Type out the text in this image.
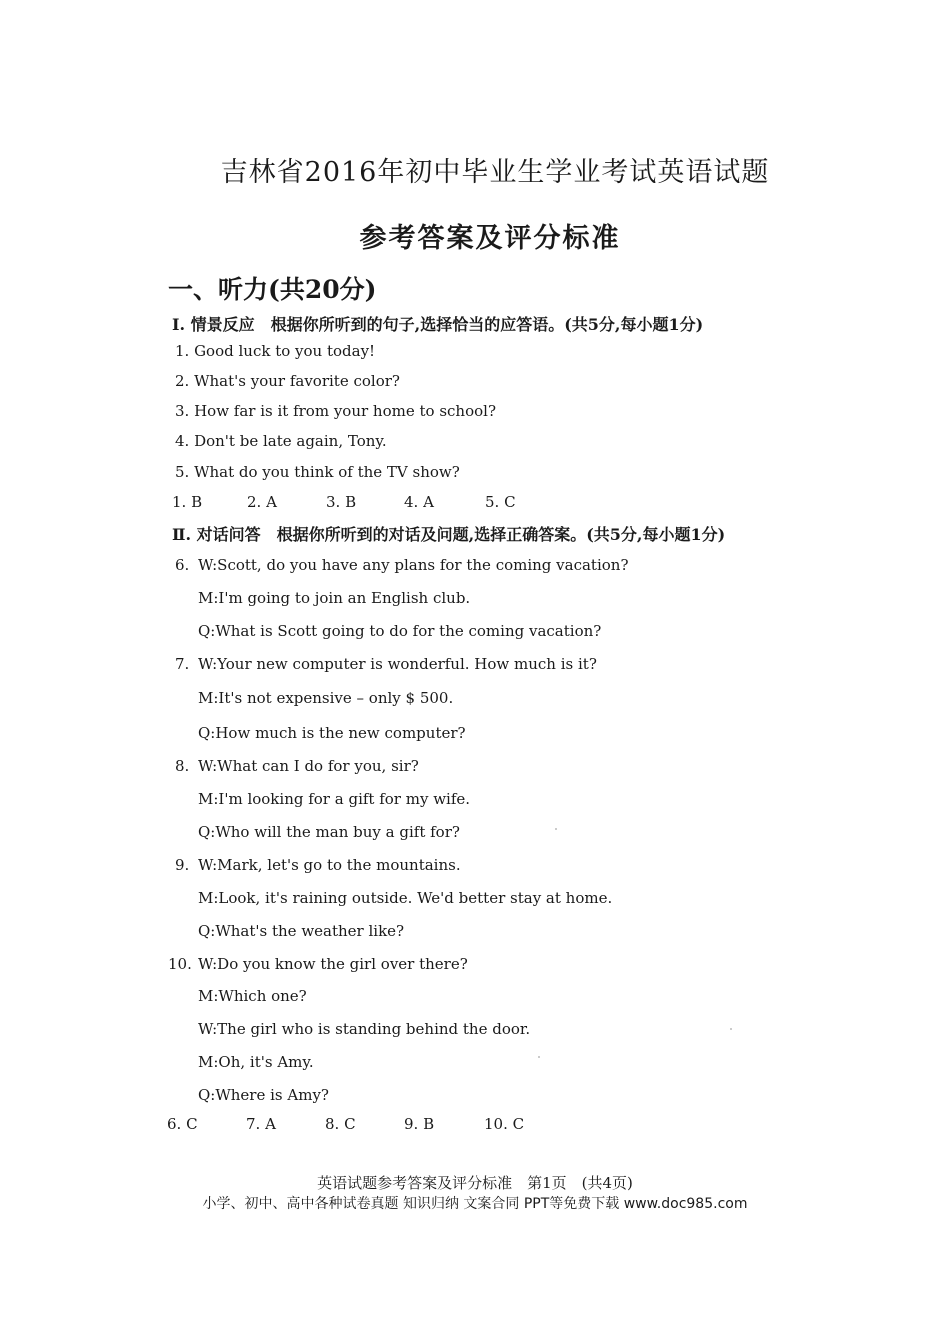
吉林省2016年初中毕业生学业考试英语试题
参考答案及评分标准
一、听力(共20分)
Ⅰ. 情景反应　根据你所听到的句子,选择恰当的应答语。(共5分,每小题1分)
1. Good luck to you today!
2. What's your favorite color?
3. How far is it from your home to school?
4. Don't be late again, Tony.
5. What do you think of the TV show?
1. B	2. A	3. B	4. A	5. C
Ⅱ. 对话问答　根据你所听到的对话及问题,选择正确答案。(共5分,每小题1分)
6. W:Scott, do you have any plans for the coming vacation?
M:I'm going to join an English club.
Q:What is Scott going to do for the coming vacation?
7. W:Your new computer is wonderful. How much is it?
M:It's not expensive – only $ 500.
Q:How much is the new computer?
8. W:What can I do for you, sir?
M:I'm looking for a gift for my wife.
Q:Who will the man buy a gift for?
9. W:Mark, let's go to the mountains.
M:Look, it's raining outside. We'd better stay at home.
Q:What's the weather like?
10. W:Do you know the girl over there?
M:Which one?
W:The girl who is standing behind the door.
M:Oh, it's Amy.
Q:Where is Amy?
6. C	7. A	8. C	9. B	10. C
英语试题参考答案及评分标准　第1页　(共4页)
小学、初中、高中各种试卷真题 知识归纳 文案合同 PPT等免费下载 www.doc985.com
